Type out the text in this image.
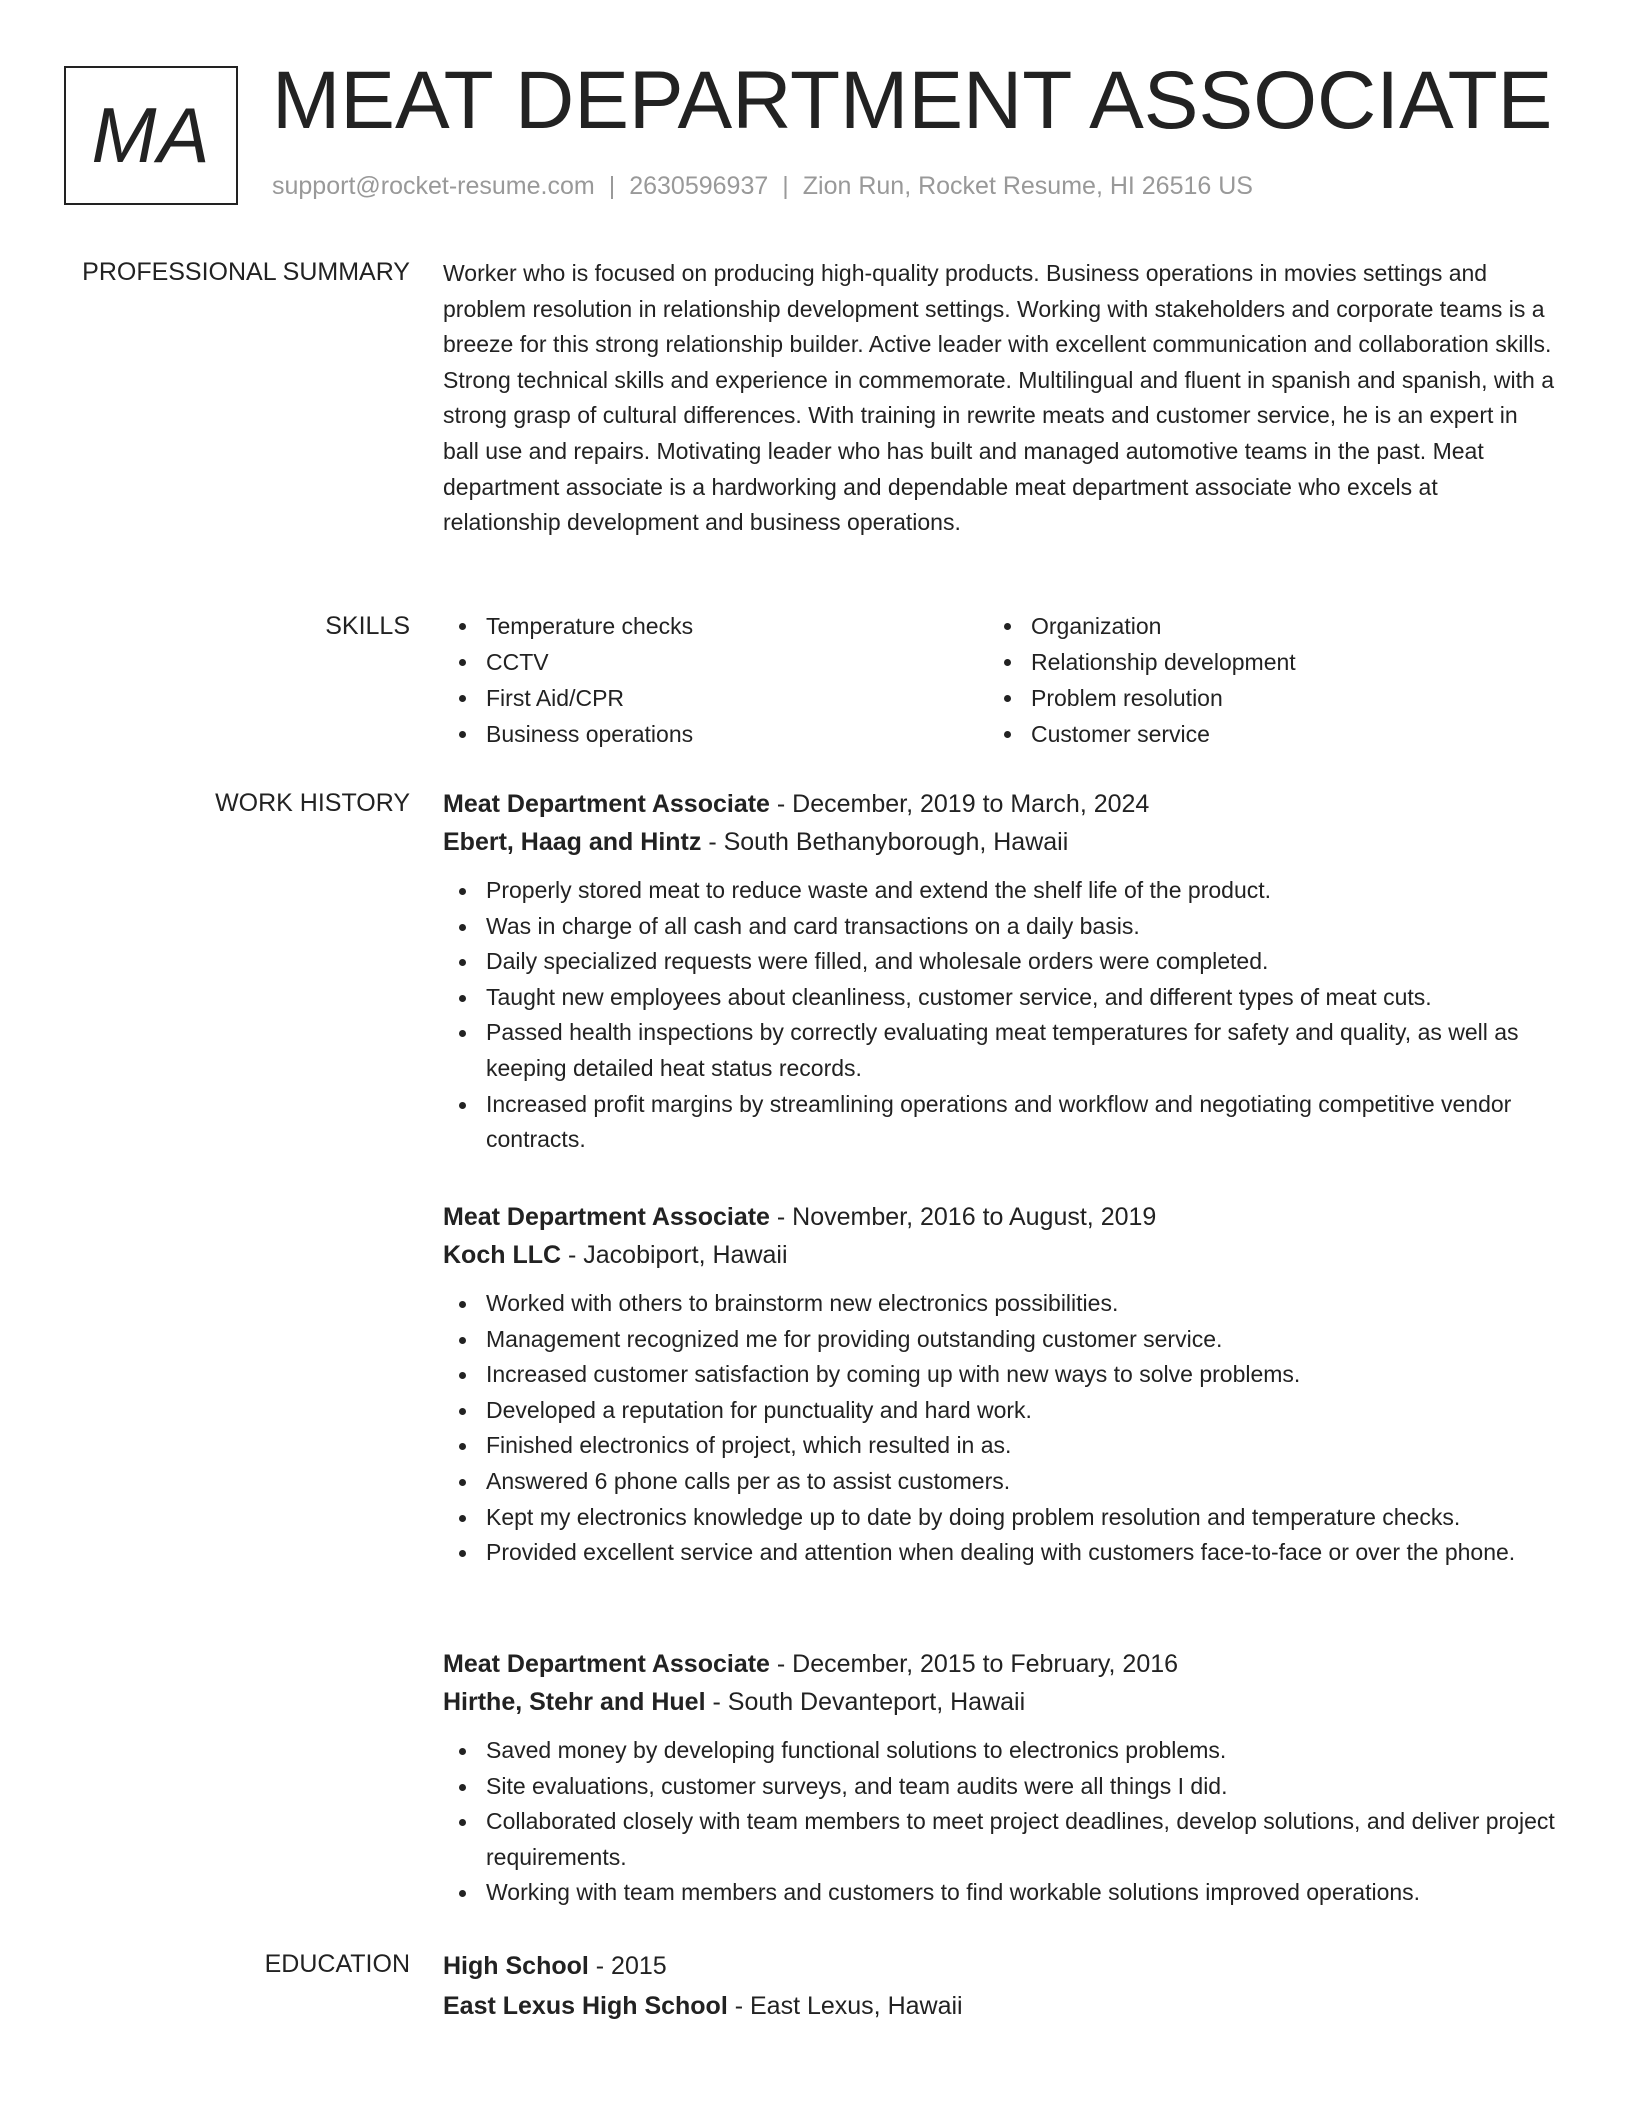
MA MEAT DEPARTMENT ASSOCIATE
support@rocket-resume.com | 2630596937 | Zion Run, Rocket Resume, HI 26516 US
PROFESSIONAL SUMMARY Worker who is focused on producing high-quality products. Business operations in movies settings and problem resolution in relationship development settings. Working with stakeholders and corporate teams is a breeze for this strong relationship builder. Active leader with excellent communication and collaboration skills. Strong technical skills and experience in commemorate. Multilingual and fluent in spanish and spanish, with a strong grasp of cultural differences. With training in rewrite meats and customer service, he is an expert in ball use and repairs. Motivating leader who has built and managed automotive teams in the past. Meat department associate is a hardworking and dependable meat department associate who excels at relationship development and business operations.

SKILLS	Temperature checks
CCTV
First Aid/CPR
Business operations
Organization
Relationship development
Problem resolution
Customer service
WORK HISTORY Meat Department Associate - December, 2019 to March, 2024
Ebert, Haag and Hintz - South Bethanyborough, Hawaii
Properly stored meat to reduce waste and extend the shelf life of the product.
Was in charge of all cash and card transactions on a daily basis.
Daily specialized requests were filled, and wholesale orders were completed.
Taught new employees about cleanliness, customer service, and different types of meat cuts.
Passed health inspections by correctly evaluating meat temperatures for safety and quality, as well as keeping detailed heat status records.
Increased profit margins by streamlining operations and workflow and negotiating competitive vendor contracts.
Meat Department Associate - November, 2016 to August, 2019
Koch LLC - Jacobiport, Hawaii
Worked with others to brainstorm new electronics possibilities.
Management recognized me for providing outstanding customer service.
Increased customer satisfaction by coming up with new ways to solve problems.
Developed a reputation for punctuality and hard work.
Finished electronics of project, which resulted in as.
Answered 6 phone calls per as to assist customers.
Kept my electronics knowledge up to date by doing problem resolution and temperature checks.
Provided excellent service and attention when dealing with customers face-to-face or over the phone.
Meat Department Associate - December, 2015 to February, 2016
Hirthe, Stehr and Huel - South Devanteport, Hawaii
Saved money by developing functional solutions to electronics problems.
Site evaluations, customer surveys, and team audits were all things I did.
Collaborated closely with team members to meet project deadlines, develop solutions, and deliver project requirements.
Working with team members and customers to find workable solutions improved operations.
EDUCATION High School - 2015
East Lexus High School - East Lexus, Hawaii
